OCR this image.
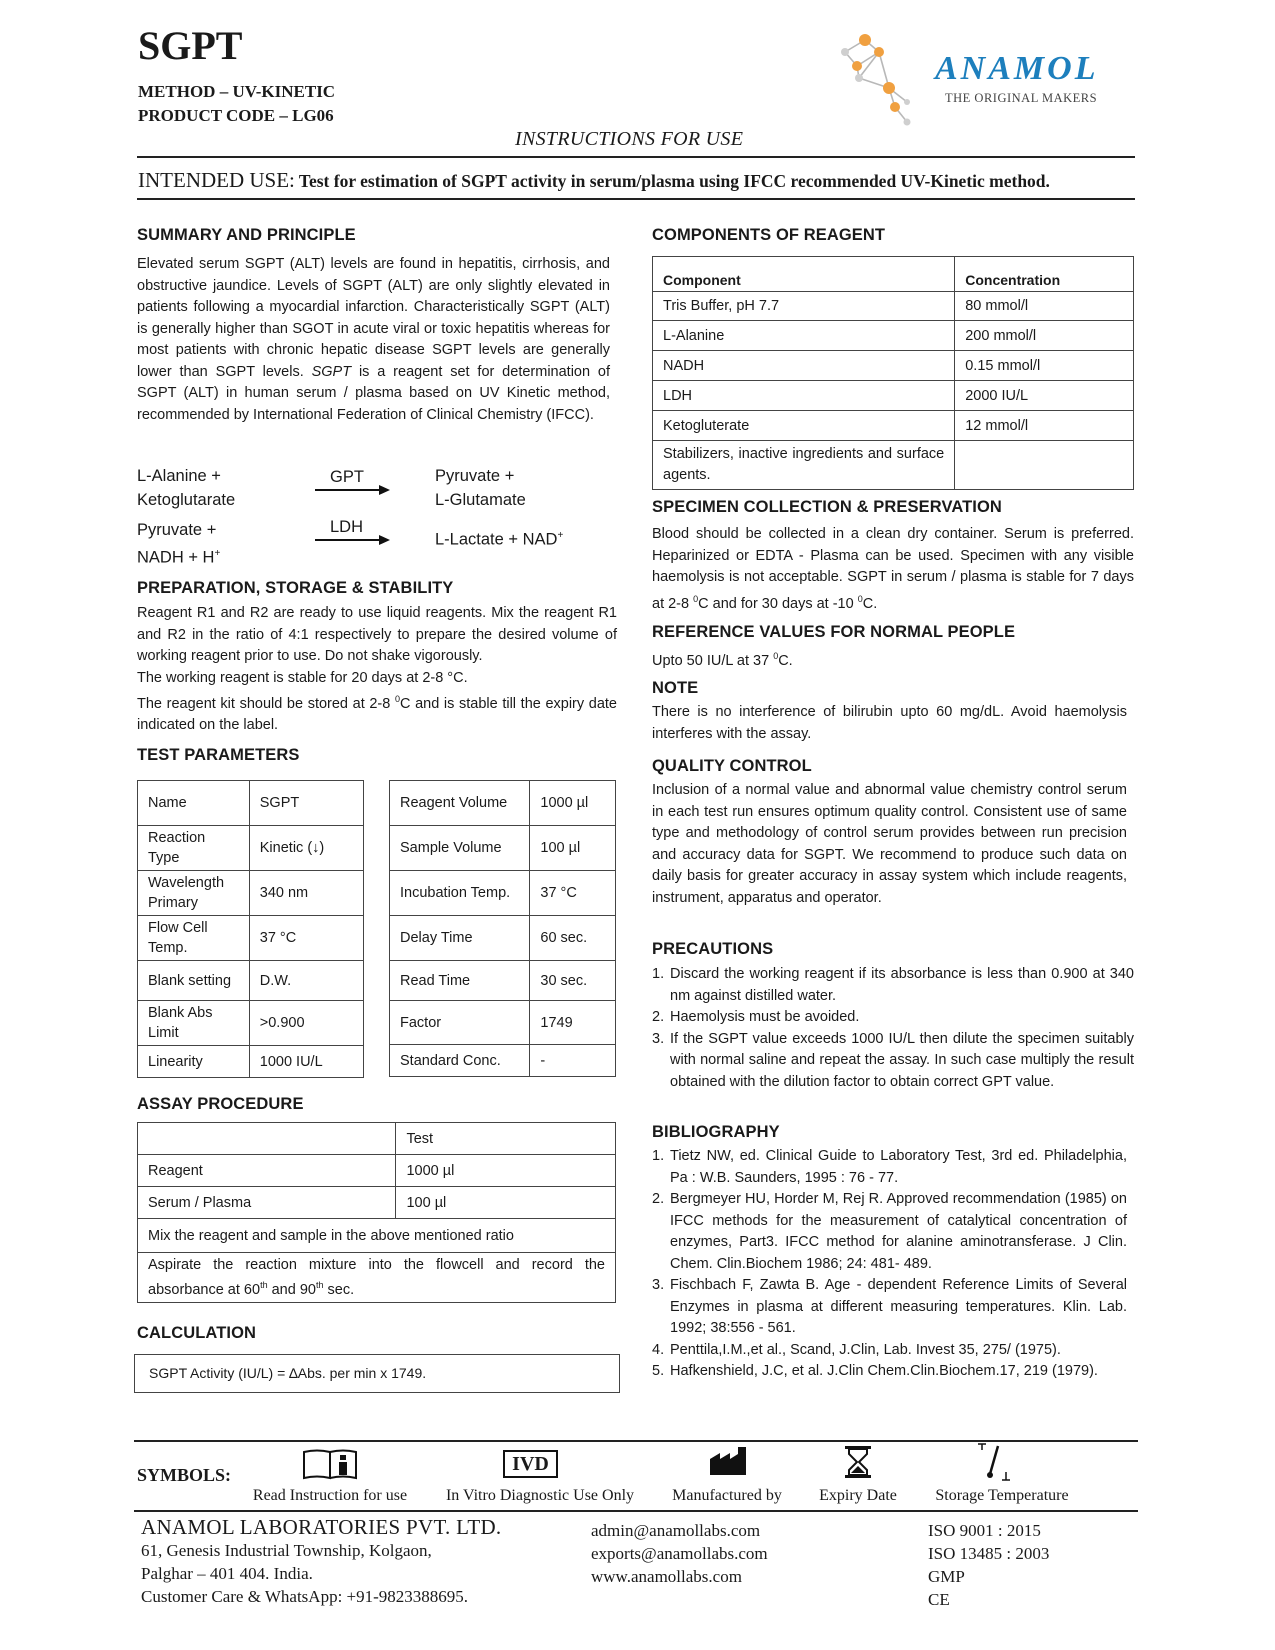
SGPT
METHOD – UV-KINETIC
PRODUCT CODE – LG06
ANAMOL
THE ORIGINAL MAKERS
INSTRUCTIONS FOR USE
INTENDED USE: Test for estimation of SGPT activity in serum/plasma using IFCC recommended UV-Kinetic method.
SUMMARY AND PRINCIPLE
Elevated serum SGPT (ALT) levels are found in hepatitis, cirrhosis, and obstructive jaundice. Levels of SGPT (ALT) are only slightly elevated in patients following a myocardial infarction. Characteristically SGPT (ALT) is generally higher than SGOT in acute viral or toxic hepatitis whereas for most patients with chronic hepatic disease SGPT levels are generally lower than SGPT levels. SGPT is a reagent set for determination of SGPT (ALT) in human serum / plasma based on UV Kinetic method, recommended by International Federation of Clinical Chemistry (IFCC).
L-Alanine +
Ketoglutarate
GPT	Pyruvate +
L-Glutamate
Pyruvate +
NADH + H+
LDH
L-Lactate + NAD+
PREPARATION, STORAGE & STABILITY
Reagent R1 and R2 are ready to use liquid reagents. Mix the reagent R1 and R2 in the ratio of 4:1 respectively to prepare the desired volume of working reagent prior to use. Do not shake vigorously.
The working reagent is stable for 20 days at 2-8 °C.
The reagent kit should be stored at 2-8 $^0$C and is stable till the expiry date indicated on the label.
TEST PARAMETERS
Name	SGPT
Reaction Type	Kinetic (↓)
Wavelength Primary	340 nm
Flow Cell Temp.	37 °C
Blank setting	D.W.
Blank Abs Limit	>0.900
Linearity	1000 IU/L
Reagent Volume	1000 µl
Sample Volume	100 µl
Incubation Temp.	37 °C
Delay Time	60 sec.
Read Time	30 sec.
Factor	1749
Standard Conc.	-
ASSAY PROCEDURE
	Test
Reagent	1000 µl
Serum / Plasma	100 µl
Mix the reagent and sample in the above mentioned ratio	
Aspirate the reaction mixture into the flowcell and record the absorbance at 60th and 90th sec.	
CALCULATION
SGPT Activity (IU/L) = ∆Abs. per min x 1749.
COMPONENTS OF REAGENT
Component	Concentration
Tris Buffer, pH 7.7	80 mmol/l
L-Alanine	200 mmol/l
NADH	0.15 mmol/l
LDH	2000 IU/L
Ketogluterate	12 mmol/l
Stabilizers, inactive ingredients and surface agents.	
SPECIMEN COLLECTION & PRESERVATION
Blood should be collected in a clean dry container. Serum is preferred. Heparinized or EDTA - Plasma can be used. Specimen with any visible haemolysis is not acceptable. SGPT in serum / plasma is stable for 7 days at 2-8 $^0$C and for 30 days at -10 $^0$C.
REFERENCE VALUES FOR NORMAL PEOPLE
Upto 50 IU/L at 37 $^0$C.
NOTE
There is no interference of bilirubin upto 60 mg/dL. Avoid haemolysis interferes with the assay.
QUALITY CONTROL
Inclusion of a normal value and abnormal value chemistry control serum in each test run ensures optimum quality control. Consistent use of same type and methodology of control serum provides between run precision and accuracy data for SGPT. We recommend to produce such data on daily basis for greater accuracy in assay system which include reagents, instrument, apparatus and operator.
PRECAUTIONS
1. Discard the working reagent if its absorbance is less than 0.900 at 340 nm against distilled water.
2. Haemolysis must be avoided.
3. If the SGPT value exceeds 1000 IU/L then dilute the specimen suitably with normal saline and repeat the assay. In such case multiply the result obtained with the dilution factor to obtain correct GPT value.
BIBLIOGRAPHY
1. Tietz NW, ed. Clinical Guide to Laboratory Test, 3rd ed. Philadelphia, Pa : W.B. Saunders, 1995 : 76 - 77.
2. Bergmeyer HU, Horder M, Rej R. Approved recommendation (1985) on IFCC methods for the measurement of catalytical concentration of enzymes, Part3. IFCC method for alanine aminotransferase. J Clin. Chem. Clin.Biochem 1986; 24: 481- 489.
3. Fischbach F, Zawta B. Age - dependent Reference Limits of Several Enzymes in plasma at different measuring temperatures. Klin. Lab. 1992; 38:556 - 561.
4. Penttila,I.M.,et al., Scand, J.Clin, Lab. Invest 35, 275/ (1975).
5. Hafkenshield, J.C, et al. J.Clin Chem.Clin.Biochem.17, 219 (1979).
SYMBOLS:
Read Instruction for use
IVD
In Vitro Diagnostic Use Only	Manufactured by	Expiry Date	Storage Temperature
ANAMOL LABORATORIES PVT. LTD.
61, Genesis Industrial Township, Kolgaon,
Palghar – 401 404. India.
Customer Care & WhatsApp: +91-9823388695.
admin@anamollabs.com
exports@anamollabs.com
www.anamollabs.com
ISO 9001 : 2015
ISO 13485 : 2003
GMP
CE
